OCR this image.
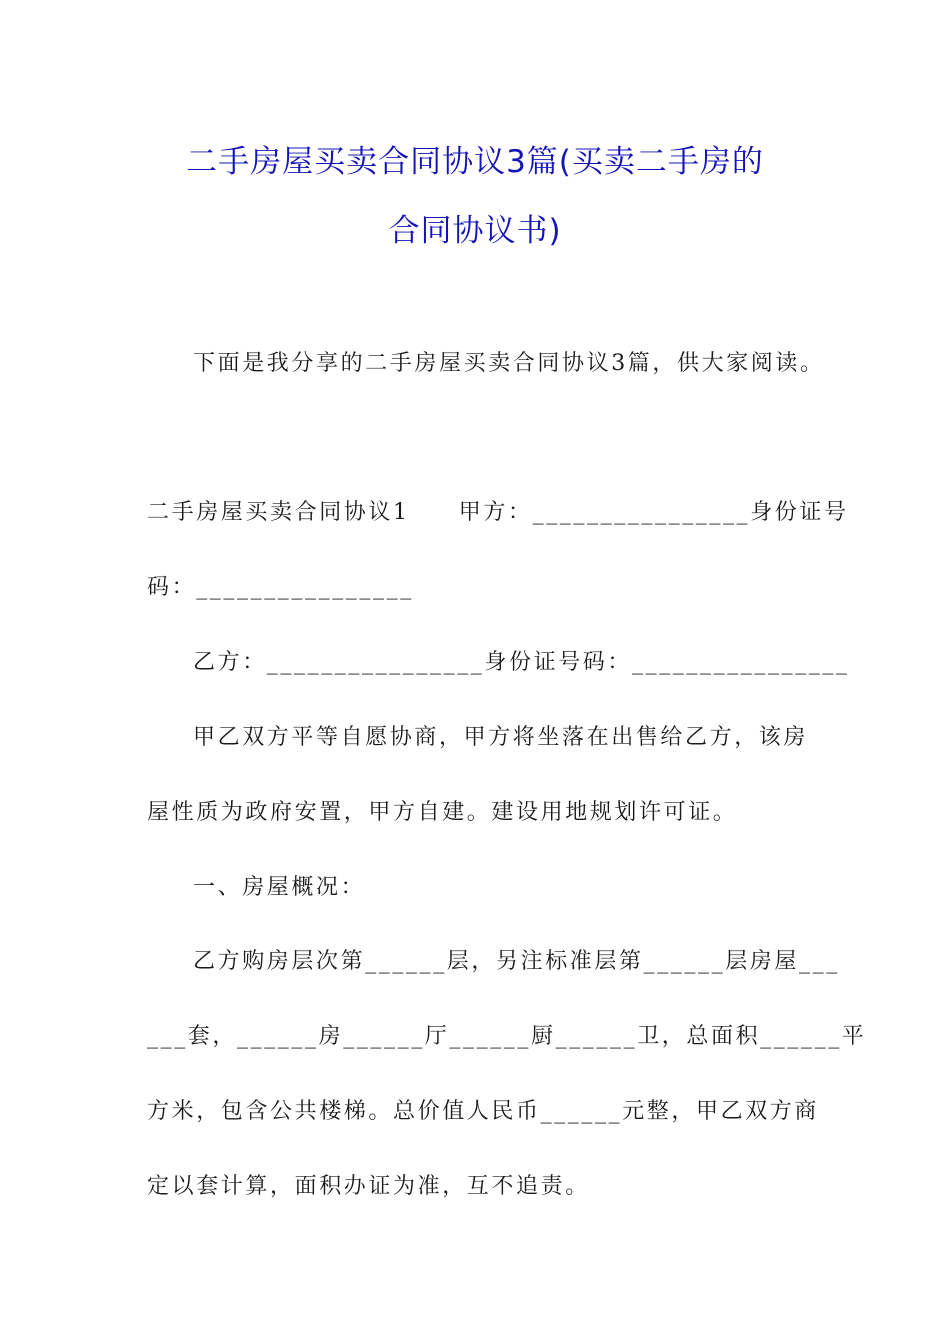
二手房屋买卖合同协议3篇(买卖二手房的
合同协议书)
下面是我分享的二手房屋买卖合同协议3篇，供大家阅读。
二手房屋买卖合同协议1　　甲方：________________身份证号
码：________________
乙方：________________身份证号码：________________
甲乙双方平等自愿协商，甲方将坐落在出售给乙方，该房
屋性质为政府安置，甲方自建。建设用地规划许可证。
一、房屋概况：
乙方购房层次第______层，另注标准层第______层房屋___
___套，______房______厅______厨______卫，总面积______平
方米，包含公共楼梯。总价值人民币______元整，甲乙双方商
定以套计算，面积办证为准，互不追责。
